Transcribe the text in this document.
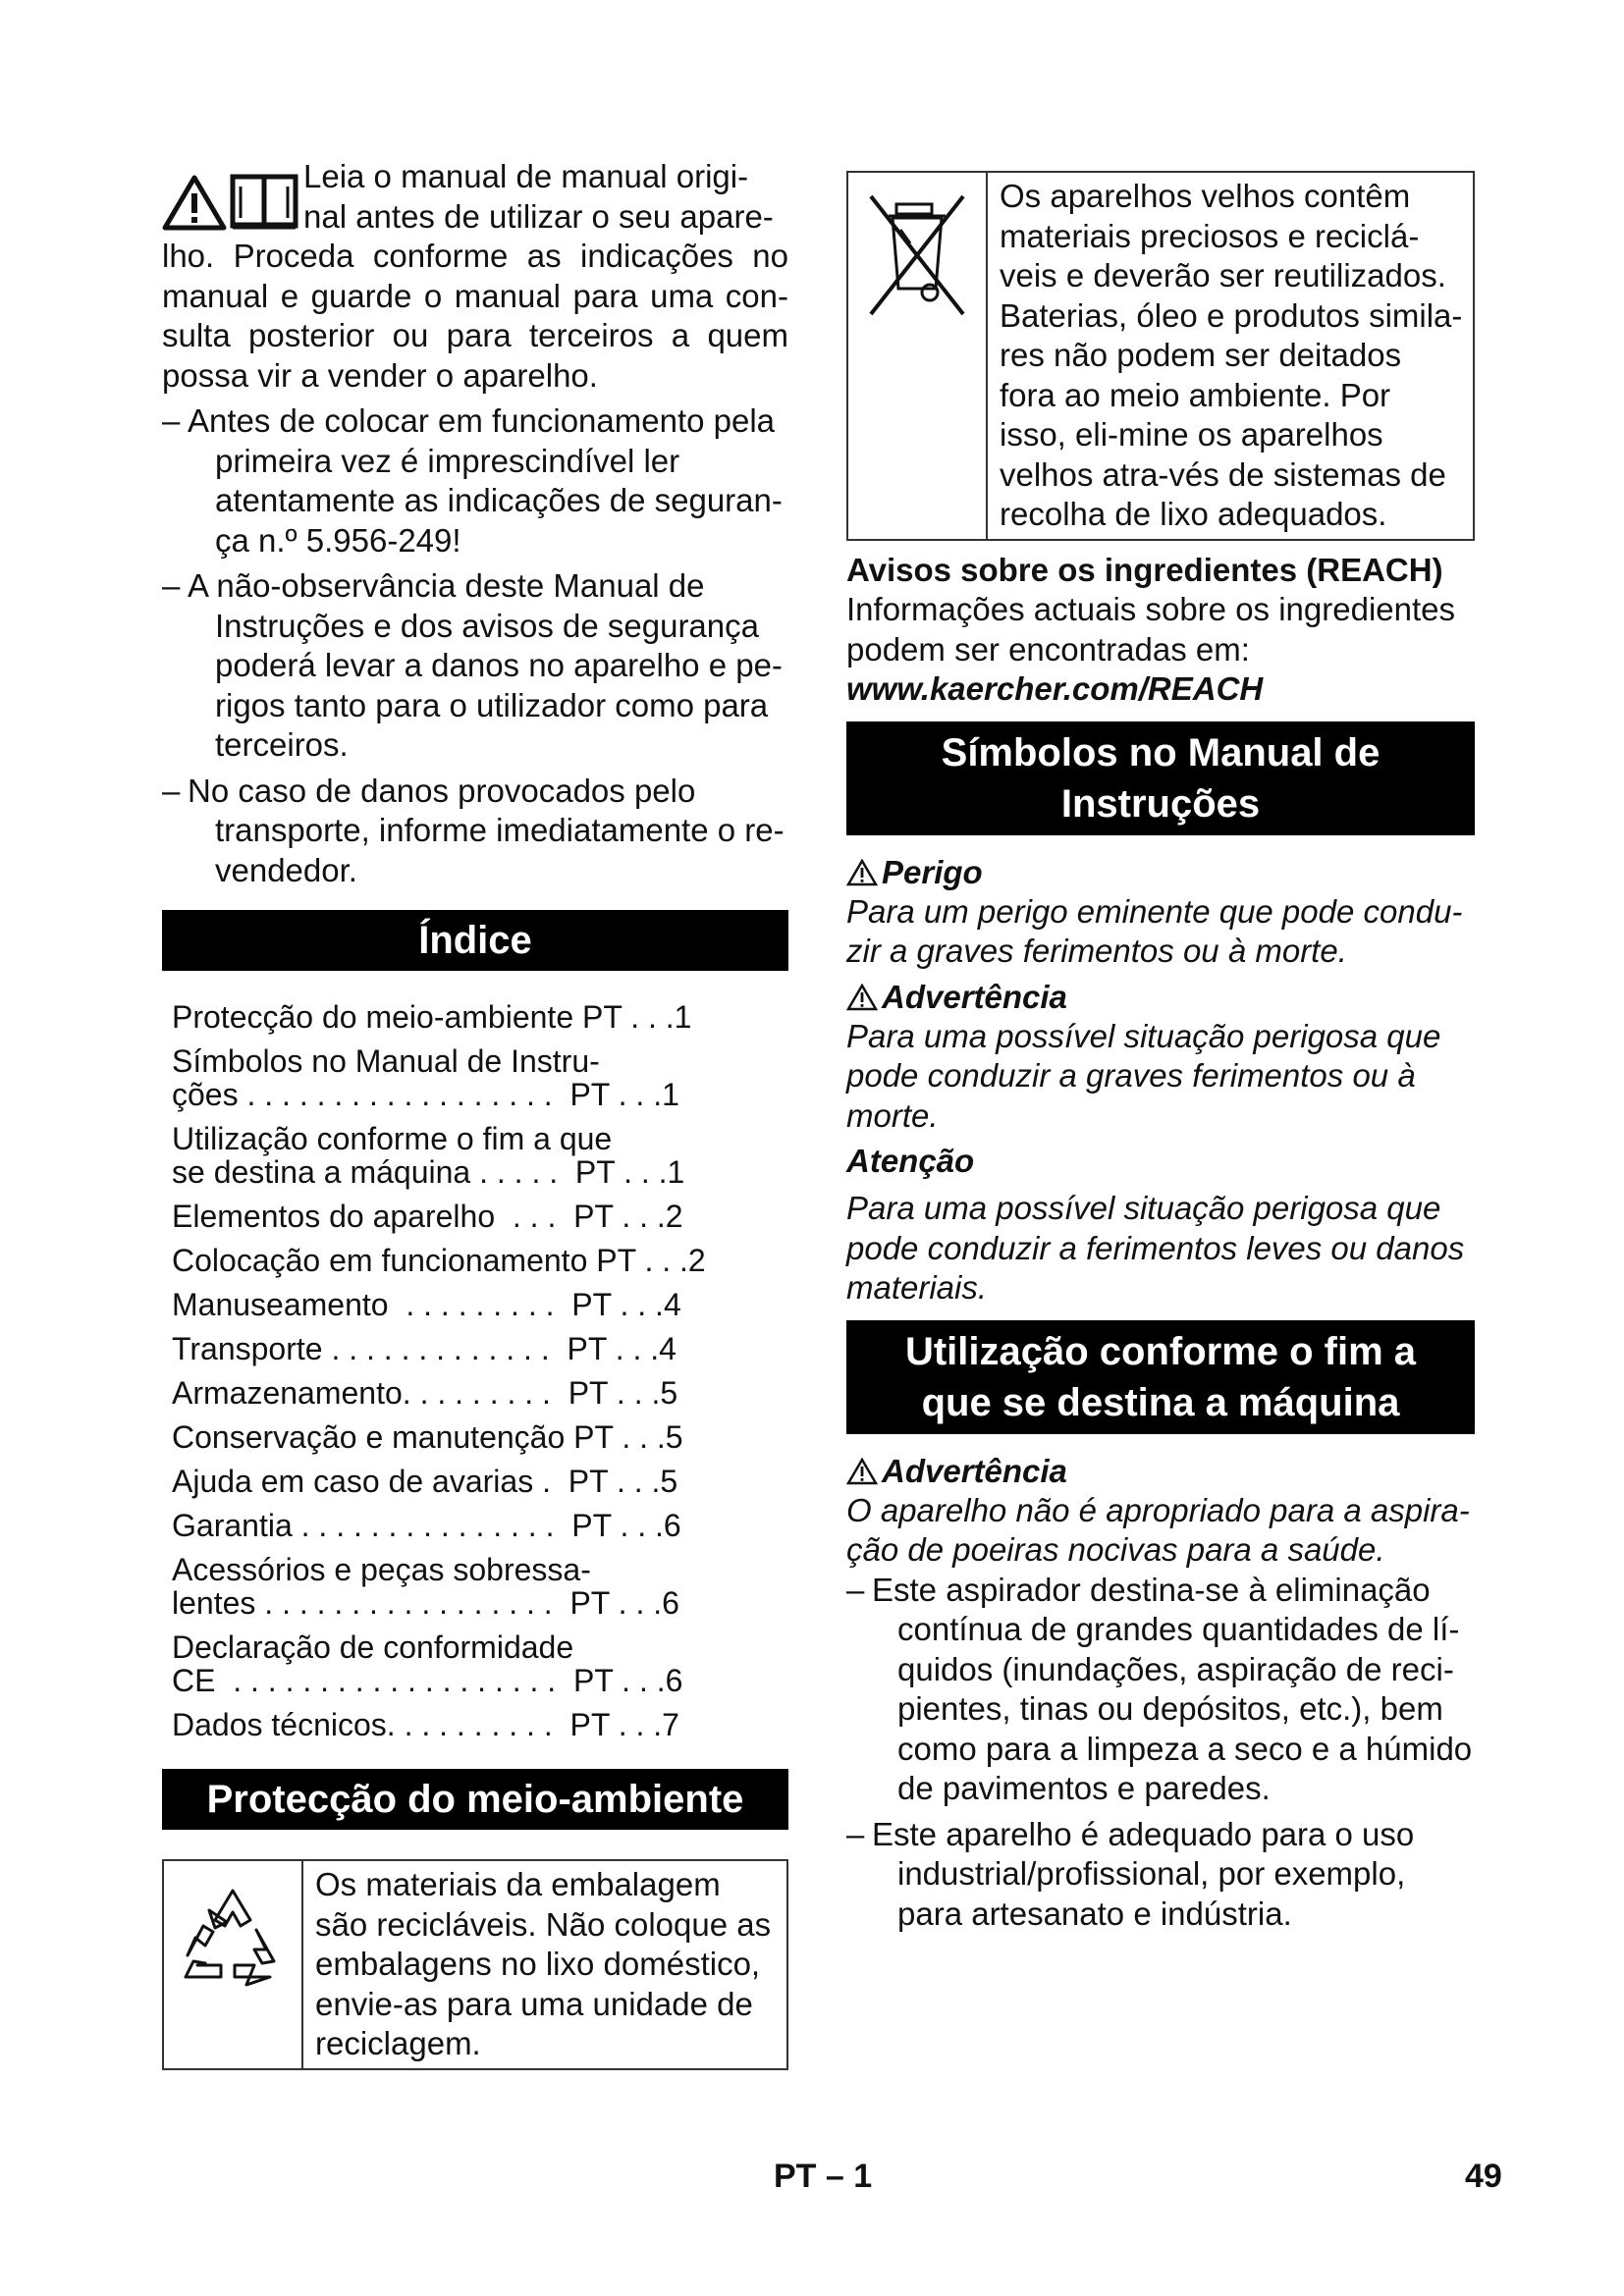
Leia o manual de manual origi-

nal antes de utilizar o seu apare-

lho. Proceda conforme as indicações no manual e guarde o manual para uma con-sulta posterior ou para terceiros a quem possa vir a vender o aparelho.

– Antes de colocar em funcionamento pela primeira vez é imprescindível ler atentamente as indicações de seguran-ça n.º 5.956-249!
– A não-observância deste Manual de Instruções e dos avisos de segurança poderá levar a danos no aparelho e pe-rigos tanto para o utilizador como para terceiros.
– No caso de danos provocados pelo transporte, informe imediatamente o re-vendedor.
Índice
Protecção do meio-ambiente PT . . .1
Símbolos no Manual de Instru-
ções . . . . . . . . . . . . . . . . . .  PT . . .1
Utilização conforme o fim a que
se destina a máquina . . . . .  PT . . .1
Elementos do aparelho  . . .  PT . . .2
Colocação em funcionamento PT . . .2
Manuseamento  . . . . . . . . .  PT . . .4
Transporte . . . . . . . . . . . . .  PT . . .4
Armazenamento. . . . . . . . .  PT . . .5
Conservação e manutenção PT . . .5
Ajuda em caso de avarias .  PT . . .5
Garantia . . . . . . . . . . . . . . .  PT . . .6
Acessórios e peças sobressa-
lentes . . . . . . . . . . . . . . . . .  PT . . .6
Declaração de conformidade
CE  . . . . . . . . . . . . . . . . . . .  PT . . .6
Dados técnicos. . . . . . . . . .  PT . . .7
Protecção do meio-ambiente
Os materiais da embalagem são recicláveis. Não coloque as embalagens no lixo doméstico, envie-as para uma unidade de reciclagem.
Os aparelhos velhos contêm materiais preciosos e reciclá-veis e deverão ser reutilizados. Baterias, óleo e produtos simila-res não podem ser deitados fora ao meio ambiente. Por isso, eli-mine os aparelhos velhos atra-vés de sistemas de recolha de lixo adequados.

Avisos sobre os ingredientes (REACH)

Informações actuais sobre os ingredientes podem ser encontradas em:

www.kaercher.com/REACH

Símbolos no Manual de
Instruções
Perigo

Para um perigo eminente que pode condu-zir a graves ferimentos ou à morte.

Advertência

Para uma possível situação perigosa que pode conduzir a graves ferimentos ou à morte.

Atenção

Para uma possível situação perigosa que pode conduzir a ferimentos leves ou danos materiais.

Utilização conforme o fim a
que se destina a máquina
Advertência

O aparelho não é apropriado para a aspira-ção de poeiras nocivas para a saúde.

– Este aspirador destina-se à eliminação contínua de grandes quantidades de lí-quidos (inundações, aspiração de reci-pientes, tinas ou depósitos, etc.), bem como para a limpeza a seco e a húmido de pavimentos e paredes.
– Este aparelho é adequado para o uso industrial/profissional, por exemplo, para artesanato e indústria.
PT – 1	49
